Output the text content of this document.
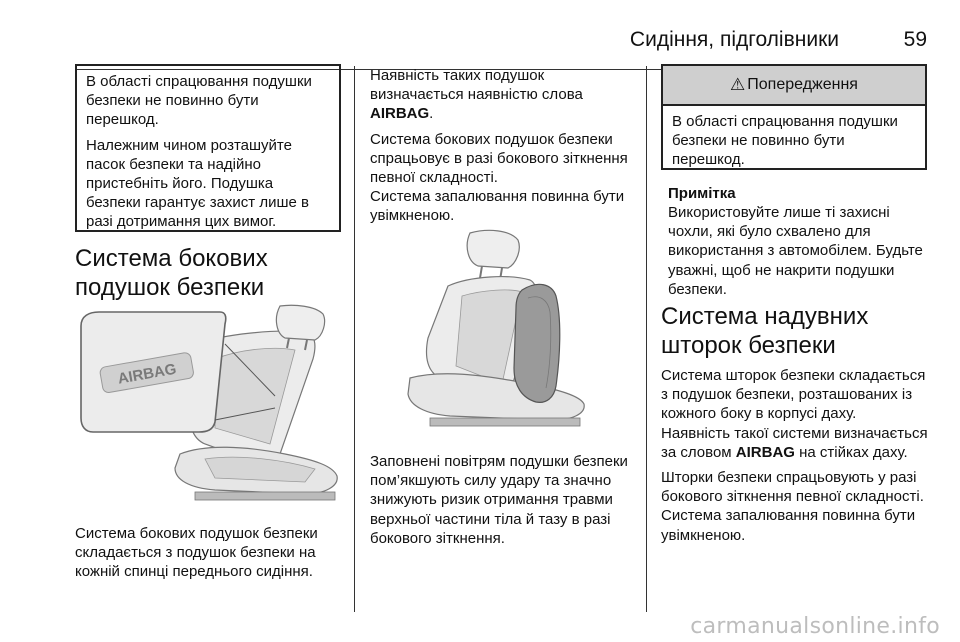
Сидіння, підголівники	59

В області спрацювання подушки безпеки не повинно бути перешкод.

Належним чином розташуйте пасок безпеки та надійно пристебніть його. Подушка безпеки гарантує захист лише в разі дотримання цих вимог.

Система бокових подушок безпеки
AIRBAG

Система бокових подушок безпеки складається з подушок безпеки на кожній спинці переднього сидіння.

Наявність таких подушок визначається наявністю слова AIRBAG.

Система бокових подушок безпеки спрацьовує в разі бокового зіткнення певної складності.

Система запалювання повинна бути увімкненою.

Заповнені повітрям подушки безпеки пом’якшують силу удару та значно знижують ризик отримання травми верхньої частини тіла й тазу в разі бокового зіткнення.

⚠ Попередження

В області спрацювання подушки безпеки не повинно бути перешкод.

Примітка

Використовуйте лише ті захисні чохли, які було схвалено для використання з автомобілем. Будьте уважні, щоб не накрити подушки безпеки.

Система надувних шторок безпеки

Система шторок безпеки складається з подушок безпеки, розташованих із кожного боку в корпусі даху. Наявність такої системи визначається за словом AIRBAG на стійках даху.

Шторки безпеки спрацьовують у разі бокового зіткнення певної складності. Система запалювання повинна бути увімкненою.

carmanualsonline.info
